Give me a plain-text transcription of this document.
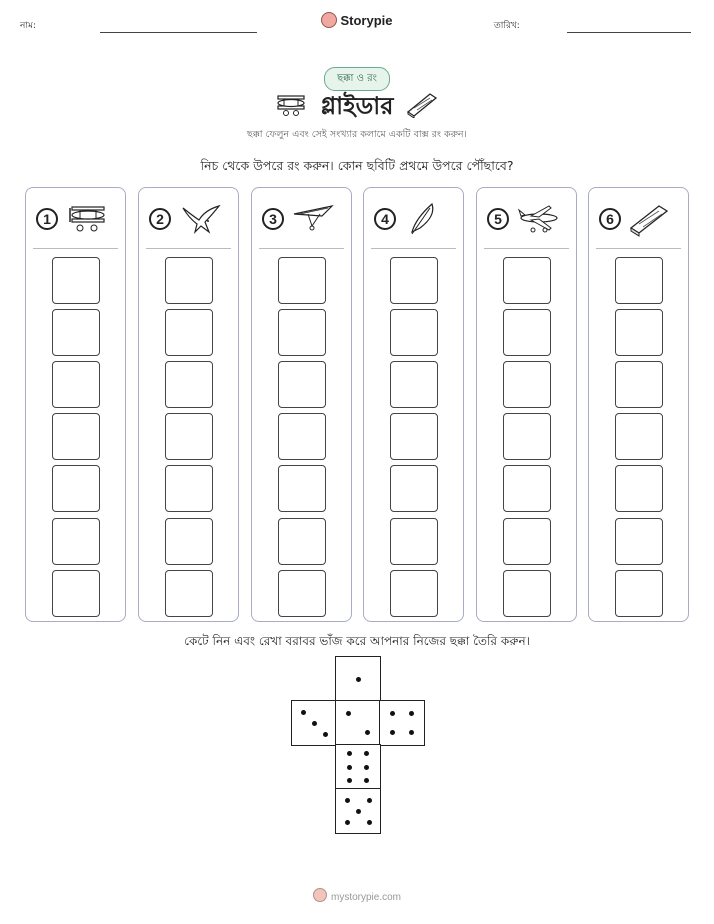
নাম:	Storypie	তারিখ:
ছক্কা ও রং
গ্লাইডার
ছক্কা ফেলুন এবং সেই সংখ্যার কলামে একটি বাক্স রং করুন।
নিচ থেকে উপরে রং করুন। কোন ছবিটি প্রথমে উপরে পৌঁছাবে?
1	2	3	4	5	6
কেটে নিন এবং রেখা বরাবর ভাঁজ করে আপনার নিজের ছক্কা তৈরি করুন।
mystorypie.com
